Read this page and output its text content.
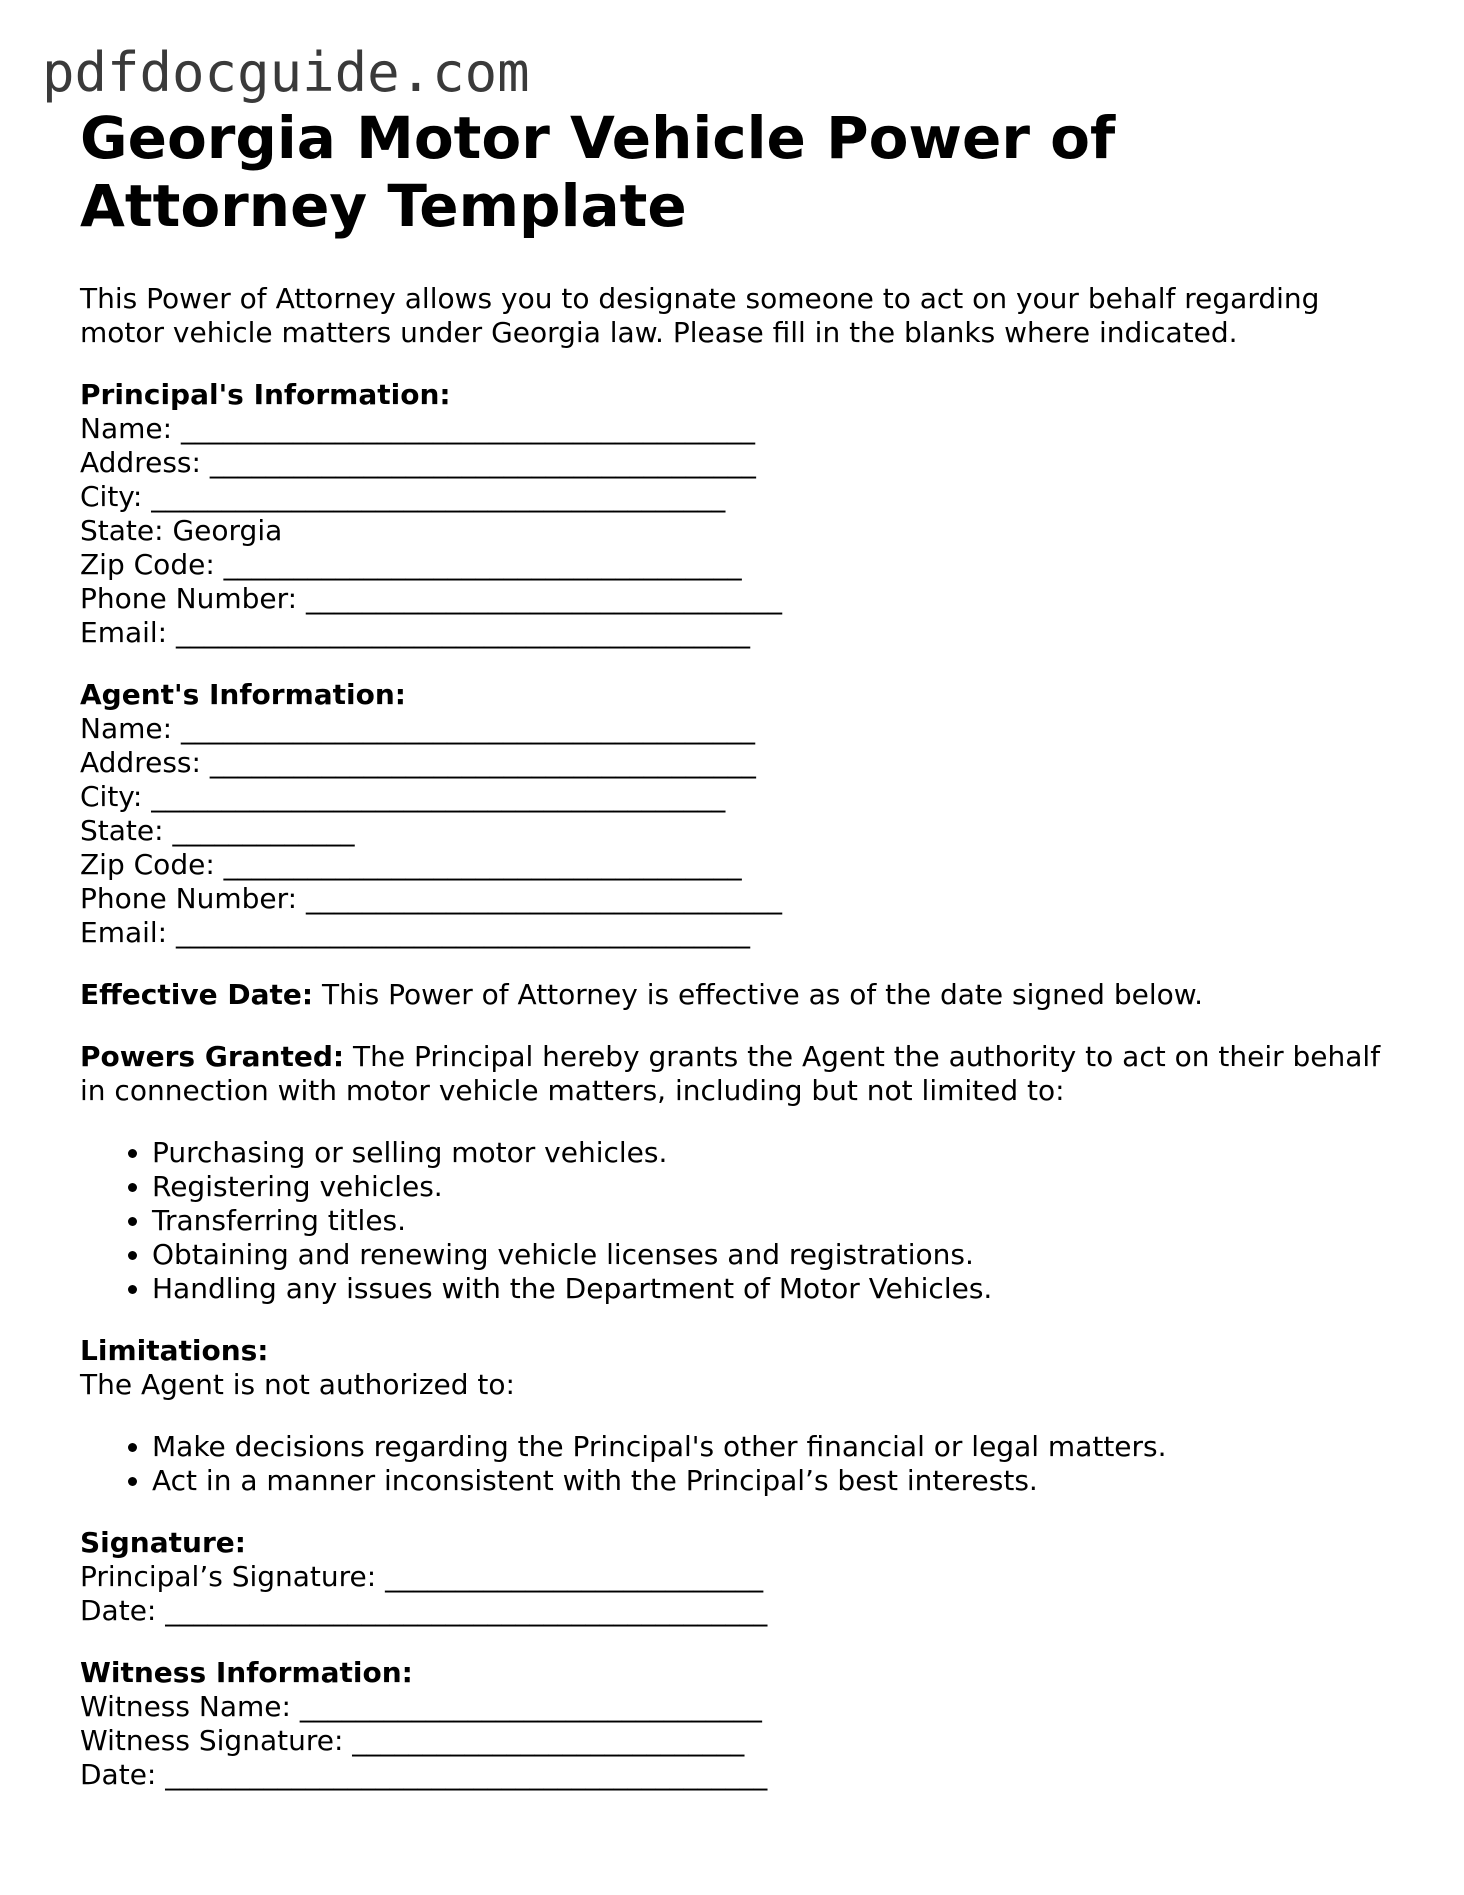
pdfdocguide.com
Georgia Motor Vehicle Power of Attorney Template
This Power of Attorney allows you to designate someone to act on your behalf regarding motor vehicle matters under Georgia law. Please fill in the blanks where indicated.
Principal's Information:
Name: _________________________________________
Address: _______________________________________
City: _________________________________________
State: Georgia
Zip Code: _____________________________________
Phone Number: __________________________________
Email: _________________________________________
Agent's Information:
Name: _________________________________________
Address: _______________________________________
City: _________________________________________
State: _____________
Zip Code: _____________________________________
Phone Number: __________________________________
Email: _________________________________________
Effective Date: This Power of Attorney is effective as of the date signed below.
Powers Granted: The Principal hereby grants the Agent the authority to act on their behalf in connection with motor vehicle matters, including but not limited to:
• Purchasing or selling motor vehicles.
• Registering vehicles.
• Transferring titles.
• Obtaining and renewing vehicle licenses and registrations.
• Handling any issues with the Department of Motor Vehicles.
Limitations:
The Agent is not authorized to:
• Make decisions regarding the Principal's other financial or legal matters.
• Act in a manner inconsistent with the Principal’s best interests.
Signature:
Principal’s Signature: ___________________________
Date: ___________________________________________
Witness Information:
Witness Name: _________________________________
Witness Signature: ____________________________
Date: ___________________________________________
